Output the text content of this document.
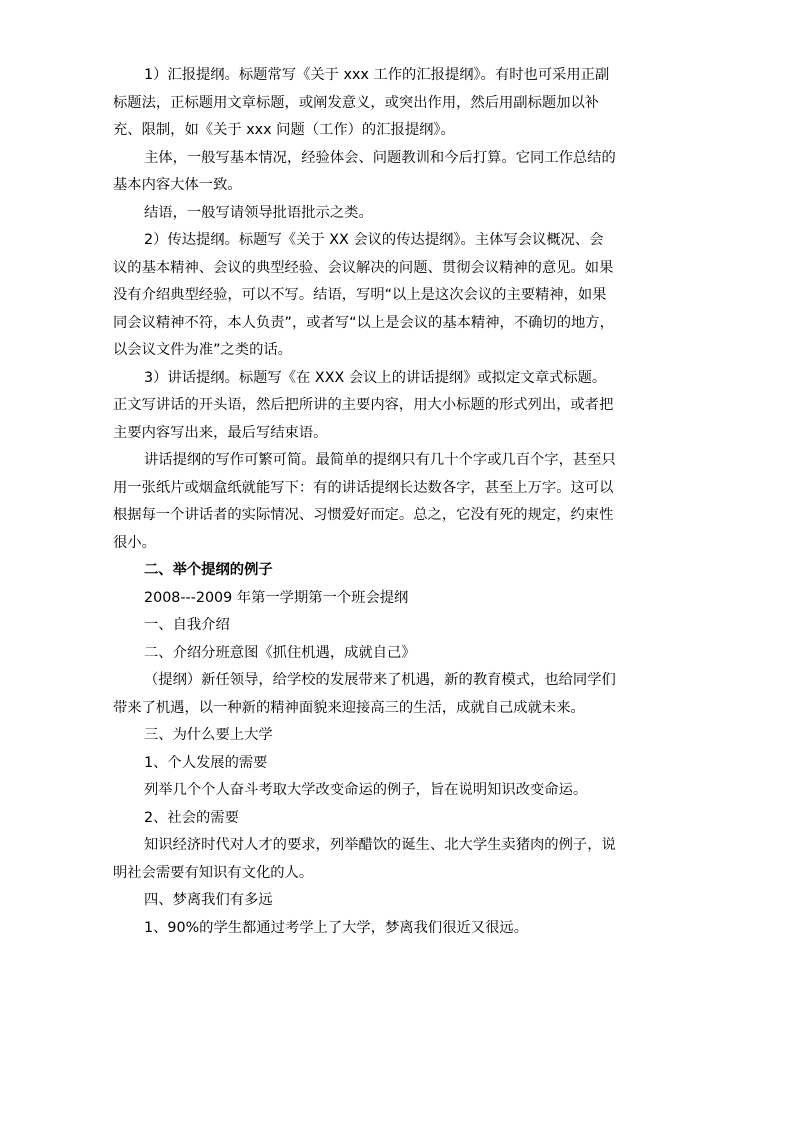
1）汇报提纲。标题常写《关于 xxx 工作的汇报提纲》。有时也可采用正副标题法，正标题用文章标题，或阐发意义，或突出作用，然后用副标题加以补充、限制，如《关于 xxx 问题（工作）的汇报提纲》。

主体，一般写基本情况，经验体会、问题教训和今后打算。它同工作总结的基本内容大体一致。

结语，一般写请领导批语批示之类。

2）传达提纲。标题写《关于 XX 会议的传达提纲》。主体写会议概况、会议的基本精神、会议的典型经验、会议解决的问题、贯彻会议精神的意见。如果没有介绍典型经验，可以不写。结语，写明“以上是这次会议的主要精神，如果同会议精神不符，本人负责”，或者写“以上是会议的基本精神，不确切的地方，以会议文件为准”之类的话。

3）讲话提纲。标题写《在 XXX 会议上的讲话提纲》或拟定文章式标题。正文写讲话的开头语，然后把所讲的主要内容，用大小标题的形式列出，或者把主要内容写出来，最后写结束语。

讲话提纲的写作可繁可简。最简单的提纲只有几十个字或几百个字，甚至只用一张纸片或烟盒纸就能写下：有的讲话提纲长达数各字，甚至上万字。这可以根据每一个讲话者的实际情况、习惯爱好而定。总之，它没有死的规定，约束性很小。

二、举个提纲的例子

2008---2009 年第一学期第一个班会提纲

一、自我介绍

二、介绍分班意图《抓住机遇，成就自己》

（提纲）新任领导，给学校的发展带来了机遇，新的教育模式，也给同学们带来了机遇，以一种新的精神面貌来迎接高三的生活，成就自己成就未来。

三、为什么要上大学

1、个人发展的需要

列举几个个人奋斗考取大学改变命运的例子，旨在说明知识改变命运。

2、社会的需要

知识经济时代对人才的要求，列举醋饮的诞生、北大学生卖猪肉的例子，说明社会需要有知识有文化的人。

四、梦离我们有多远

1、90%的学生都通过考学上了大学，梦离我们很近又很远。
